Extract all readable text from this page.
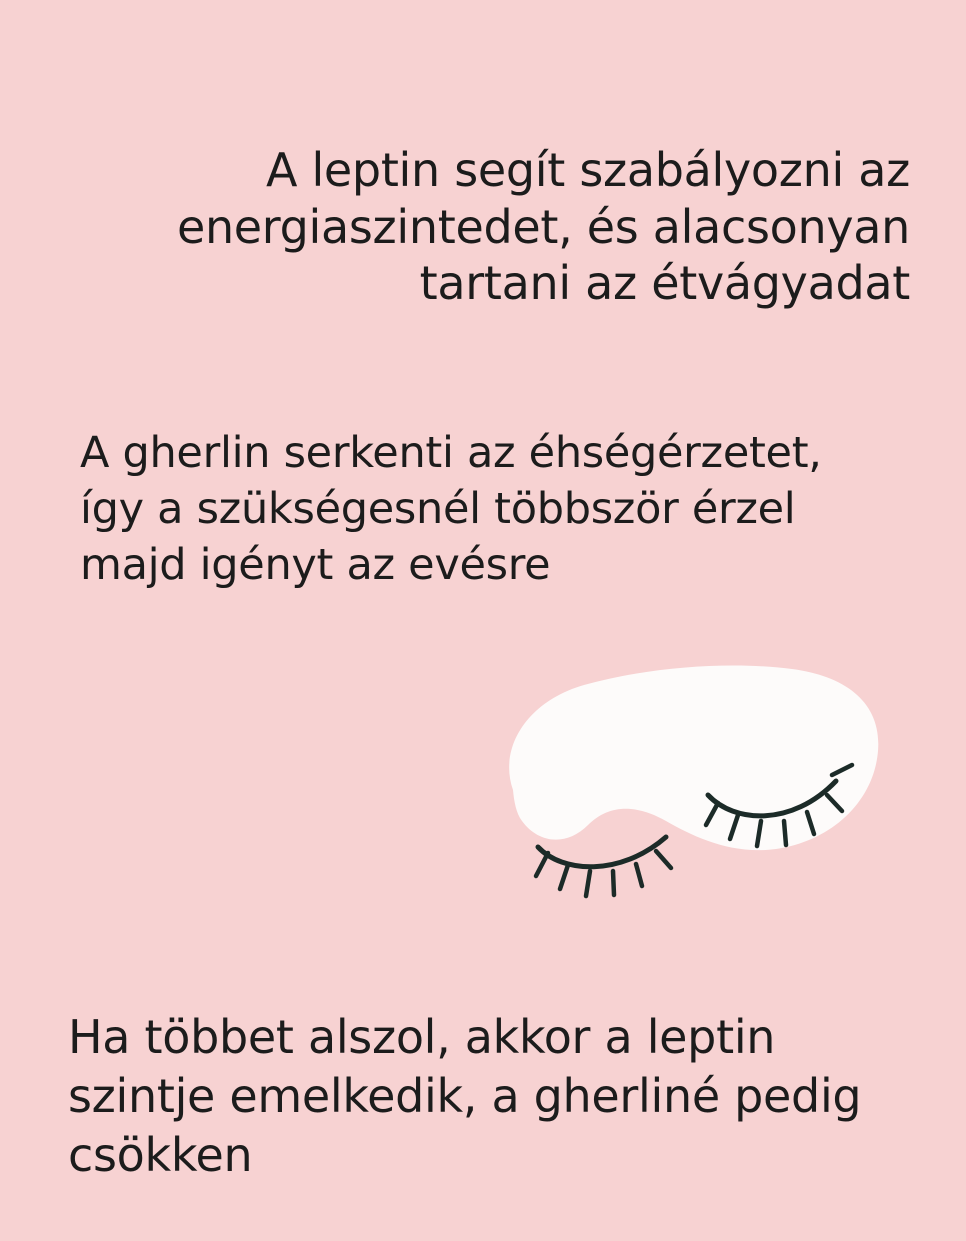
A leptin segít szabályozni az energiaszintedet, és alacsonyan tartani az étvágyadat

A gherlin serkenti az éhségérzetet, így a szükségesnél többször érzel majd igényt az evésre

Ha többet alszol, akkor a leptin szintje emelkedik, a gherliné pedig csökken
